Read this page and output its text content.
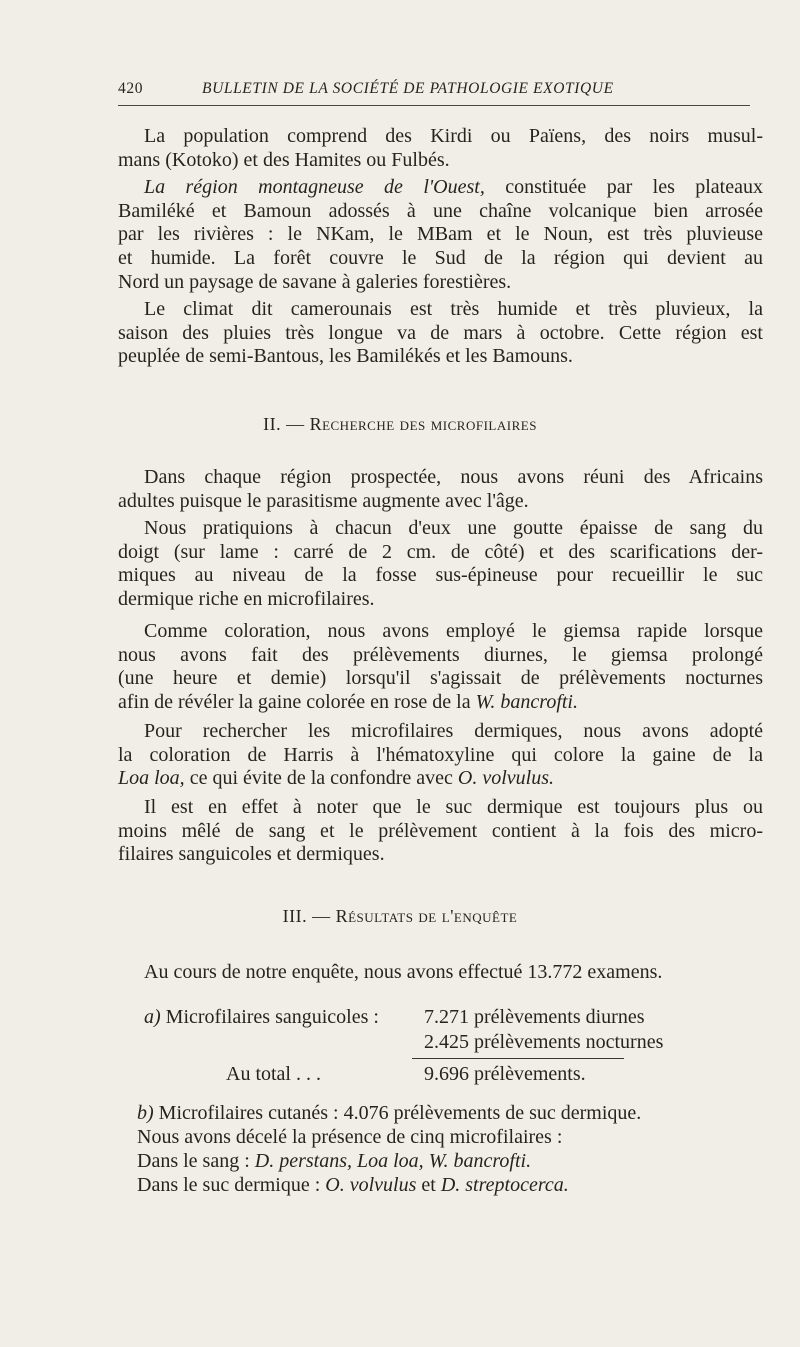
420	BULLETIN DE LA SOCIÉTÉ DE PATHOLOGIE EXOTIQUE
La population comprend des Kirdi ou Païens, des noirs musul-
mans (Kotoko) et des Hamites ou Fulbés.
La région montagneuse de l'Ouest, constituée par les plateaux
Bamiléké et Bamoun adossés à une chaîne volcanique bien arrosée
par les rivières : le NKam, le MBam et le Noun, est très pluvieuse
et humide. La forêt couvre le Sud de la région qui devient au
Nord un paysage de savane à galeries forestières.
Le climat dit camerounais est très humide et très pluvieux, la
saison des pluies très longue va de mars à octobre. Cette région est
peuplée de semi-Bantous, les Bamilékés et les Bamouns.
II. — Recherche des microfilaires
Dans chaque région prospectée, nous avons réuni des Africains
adultes puisque le parasitisme augmente avec l'âge.
Nous pratiquions à chacun d'eux une goutte épaisse de sang du
doigt (sur lame : carré de 2 cm. de côté) et des scarifications der-
miques au niveau de la fosse sus-épineuse pour recueillir le suc
dermique riche en microfilaires.
Comme coloration, nous avons employé le giemsa rapide lorsque
nous avons fait des prélèvements diurnes, le giemsa prolongé
(une heure et demie) lorsqu'il s'agissait de prélèvements nocturnes
afin de révéler la gaine colorée en rose de la W. bancrofti.
Pour rechercher les microfilaires dermiques, nous avons adopté
la coloration de Harris à l'hématoxyline qui colore la gaine de la
Loa loa, ce qui évite de la confondre avec O. volvulus.
Il est en effet à noter que le suc dermique est toujours plus ou
moins mêlé de sang et le prélèvement contient à la fois des micro-
filaires sanguicoles et dermiques.
III. — Résultats de l'enquête
Au cours de notre enquête, nous avons effectué 13.772 examens.
a) Microfilaires sanguicoles : 7.271 prélèvements diurnes
2.425 prélèvements nocturnes
Au total . . .	9.696 prélèvements.
b) Microfilaires cutanés : 4.076 prélèvements de suc dermique.
Nous avons décelé la présence de cinq microfilaires :
Dans le sang : D. perstans, Loa loa, W. bancrofti.
Dans le suc dermique : O. volvulus et D. streptocerca.
